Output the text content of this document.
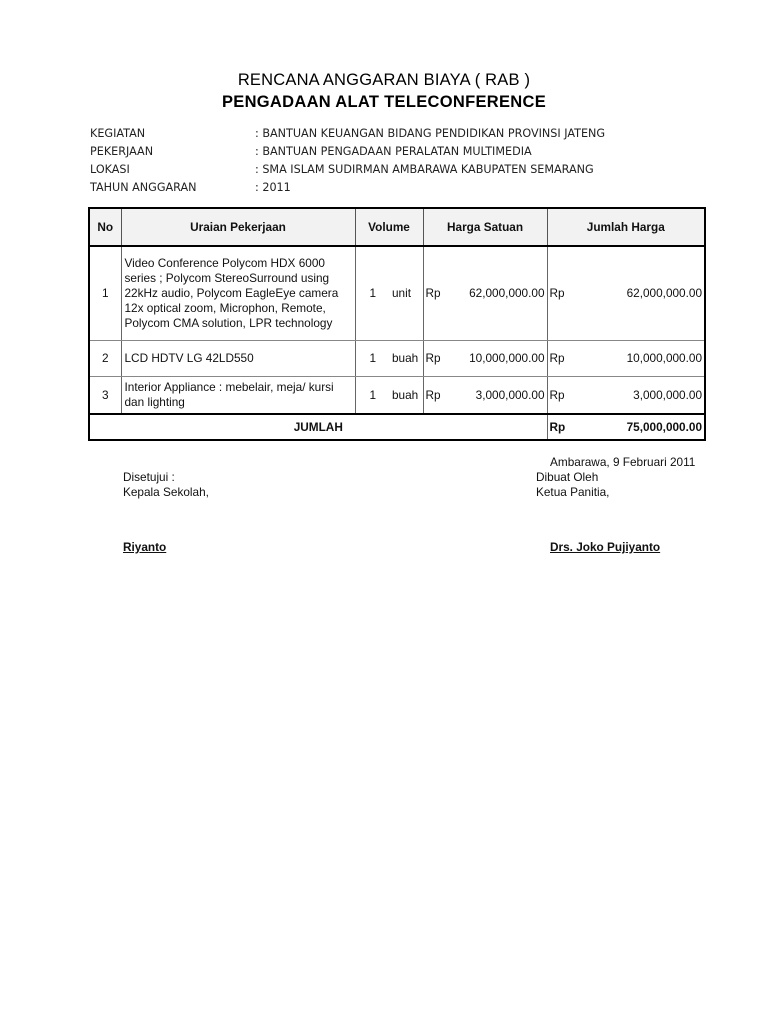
RENCANA ANGGARAN BIAYA ( RAB )
PENGADAAN ALAT TELECONFERENCE
KEGIATAN	: BANTUAN KEUANGAN BIDANG PENDIDIKAN PROVINSI JATENG
PEKERJAAN	: BANTUAN PENGADAAN PERALATAN MULTIMEDIA
LOKASI	: SMA ISLAM SUDIRMAN AMBARAWA KABUPATEN SEMARANG
TAHUN ANGGARAN	: 2011
No	Uraian Pekerjaan	Volume		Harga Satuan		Jumlah Harga	
1	Video Conference Polycom HDX 6000
series ; Polycom StereoSurround using
22kHz audio, Polycom EagleEye camera
12x optical zoom, Microphon, Remote,
Polycom CMA solution, LPR technology	1	unit	Rp	62,000,000.00	Rp	62,000,000.00
2	LCD HDTV LG 42LD550	1	buah	Rp	10,000,000.00	Rp	10,000,000.00
3	Interior Appliance : mebelair, meja/ kursi
dan lighting	1	buah	Rp	3,000,000.00	Rp	3,000,000.00
JUMLAH						Rp	75,000,000.00
Ambarawa, 9 Februari 2011
Dibuat Oleh
Ketua Panitia,
Drs. Joko Pujiyanto
Disetujui :
Kepala Sekolah,
Riyanto
